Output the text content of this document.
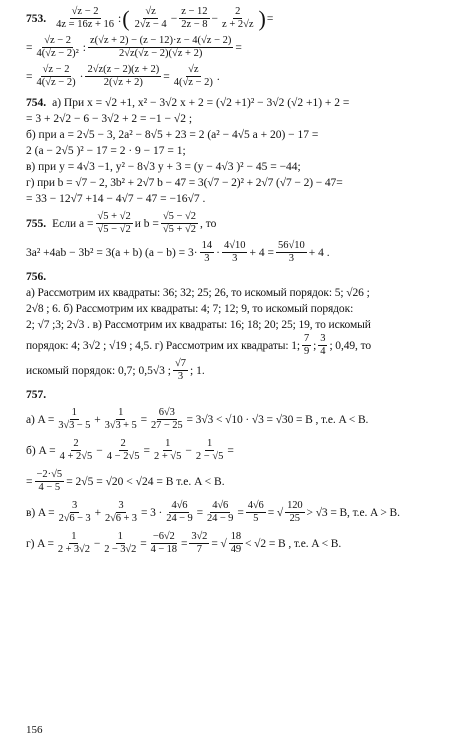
753. $\frac{√z - 2}{4z = 16z + 16}$ : ( $\frac{√z}{2√z - 4} - \frac{z - 12}{2z - 8} - \frac{2}{z + 2√z}$ ) =
= $\frac{√z - 2}{\text{4(√z − 2)²}}$ : $\frac{z(√z + 2) - (z - 12)\cdot z - 4(√z - 2)}{2√z(√z - 2)(√z + 2)}$ =
= $\frac{√z - 2}{4(√z - 2)} \cdot \frac{2√z(z - 2)(z + 2)}{2(√z + 2)} = \frac{√z}{4(√z - 2)}$ .
754. а) При x = √2 +1, x² − 3√2 x + 2 = (√2 +1)² − 3√2 (√2 +1) + 2 =
= 3 + 2√2 − 6 − 3√2 + 2 = −1 − √2 ;
б) при a = 2√5 − 3, 2a² − 8√5 + 23 = 2 (a² − 4√5 a + 20) − 17 =
2 (a − 2√5 )² − 17 = 2 · 9 − 17 = 1;
в) при y = 4√3 −1, y² − 8√3 y + 3 = (y − 4√3 )² − 45 = −44;
г) при b = √7 − 2, 3b² + 2√7 b − 47 = 3(√7 − 2)² + 2√7 (√7 − 2) − 47=
= 33 − 12√7 +14 − 4√7 − 47 = −16√7 .
755. Если $a = \frac{√5 + √2}{√5 - √2}$ и $b = \frac{√5 - √2}{√5 + √2}$ , то
3a² +4ab − 3b² = 3(a + b) $(a - b) = 3\cdot \frac{14}{3} \cdot \frac{4√10}{3} + 4 = \frac{56√10}{3} + 4$ .
756.
а) Рассмотрим их квадраты: 36; 32; 25; 26, то искомый порядок: 5; √26 ;
2√8 ; 6. б) Рассмотрим их квадраты: 4; 7; 12; 9, то искомый порядок:
2; √7 ;3; 2√3 . в) Рассмотрим их квадраты: 16; 18; 20; 25; 19, то искомый
порядок: 4; 3√2 ; √19 ; 4,5. г) Рассмотрим их квадраты: 1; $\frac{7}{9}$ ; $\frac{3}{4}$ ; 0,49, то
искомый порядок: 0,7; 0,5√3 ; $\frac{√7}{3}$ ; 1.
757.
а) $A = \frac{1}{3√3 - 5} + \frac{1}{3√3 + 5} = \frac{6√3}{27 - 25} = 3√3 < √10 \cdot √3 = √30 = B$ , т.е. A < B.
б) $A = \frac{2}{4 + 2√5} - \frac{2}{4 - 2√5} = \frac{1}{2 + √5} - \frac{1}{2 - √5}$ =
= $\frac{-2\cdot√5}{4 - 5} = 2√5 = √20 < √24 = B$ т.е. A < B.
в) $A = \frac{3}{2√6 - 3} + \frac{3}{2√6 + 3} = 3 \cdot \frac{4√6}{24 - 9} = \frac{4√6}{24 - 9} = \frac{4√6}{5}$ = √ $\frac{120}{25} > √3 = B$, т.е. A > B.
г) $A = \frac{1}{2 + 3√2} - \frac{1}{2 - 3√2} = \frac{-6√2}{4 - 18} = \frac{3√2}{7}$ = √ $\frac{18}{49} < √2 = B$ , т.е. A < B.
156
